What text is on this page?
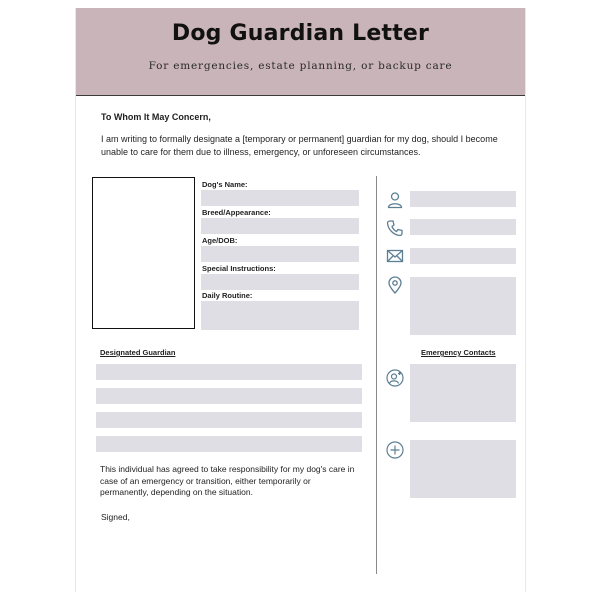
Dog Guardian Letter
For emergencies, estate planning, or backup care
To Whom It May Concern,
I am writing to formally designate a [temporary or permanent] guardian for my dog, should I become unable to care for them due to illness, emergency, or unforeseen circumstances.
Dog's Name:
Breed/Appearance:
Age/DOB:
Special Instructions:
Daily Routine:
Designated Guardian	Emergency Contacts
This individual has agreed to take responsibility for my dog's care in case of an emergency or transition, either temporarily or permanently, depending on the situation.
Signed,
